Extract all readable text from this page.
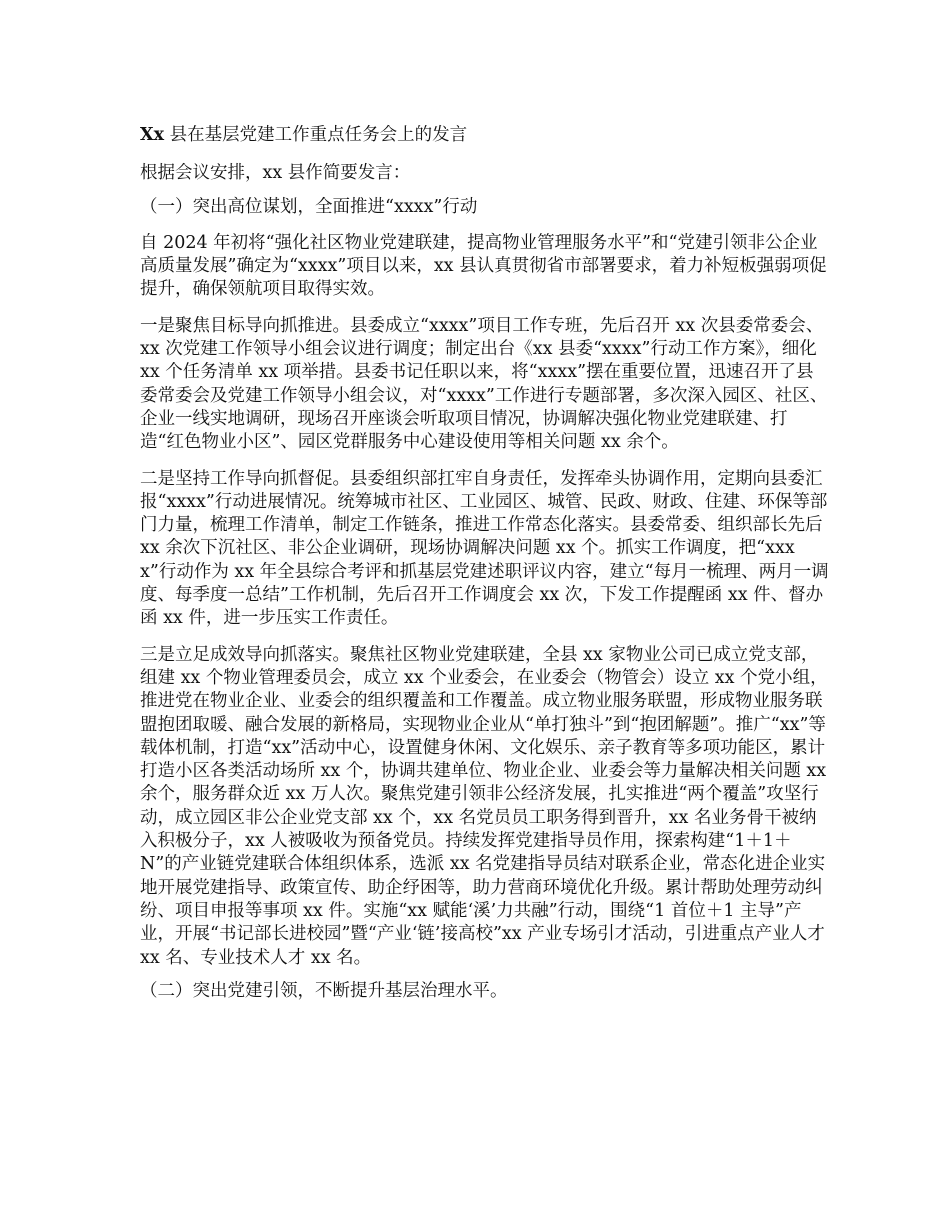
Xx 县在基层党建工作重点任务会上的发言

根据会议安排，xx 县作简要发言：

（一）突出高位谋划，全面推进“xxxx”行动

自 2024 年初将“强化社区物业党建联建，提高物业管理服务水平”和“党建引领非公企业高质量发展”确定为“xxxx”项目以来，xx 县认真贯彻省市部署要求，着力补短板强弱项促提升，确保领航项目取得实效。

一是聚焦目标导向抓推进。县委成立“xxxx”项目工作专班，先后召开 xx 次县委常委会、xx 次党建工作领导小组会议进行调度；制定出台《xx 县委“xxxx”行动工作方案》，细化 xx 个任务清单 xx 项举措。县委书记任职以来，将“xxxx”摆在重要位置，迅速召开了县委常委会及党建工作领导小组会议，对“xxxx”工作进行专题部署，多次深入园区、社区、企业一线实地调研，现场召开座谈会听取项目情况，协调解决强化物业党建联建、打造“红色物业小区”、园区党群服务中心建设使用等相关问题 xx 余个。

二是坚持工作导向抓督促。县委组织部扛牢自身责任，发挥牵头协调作用，定期向县委汇报“xxxx”行动进展情况。统筹城市社区、工业园区、城管、民政、财政、住建、环保等部门力量，梳理工作清单，制定工作链条，推进工作常态化落实。县委常委、组织部长先后 xx 余次下沉社区、非公企业调研，现场协调解决问题 xx 个。抓实工作调度，把“xxxx”行动作为 xx 年全县综合考评和抓基层党建述职评议内容，建立“每月一梳理、两月一调度、每季度一总结”工作机制，先后召开工作调度会 xx 次，下发工作提醒函 xx 件、督办函 xx 件，进一步压实工作责任。

三是立足成效导向抓落实。聚焦社区物业党建联建，全县 xx 家物业公司已成立党支部，组建 xx 个物业管理委员会，成立 xx 个业委会，在业委会（物管会）设立 xx 个党小组，推进党在物业企业、业委会的组织覆盖和工作覆盖。成立物业服务联盟，形成物业服务联盟抱团取暖、融合发展的新格局，实现物业企业从“单打独斗”到“抱团解题”。推广“xx”等载体机制，打造“xx”活动中心，设置健身休闲、文化娱乐、亲子教育等多项功能区，累计打造小区各类活动场所 xx 个，协调共建单位、物业企业、业委会等力量解决相关问题 xx 余个，服务群众近 xx 万人次。聚焦党建引领非公经济发展，扎实推进“两个覆盖”攻坚行动，成立园区非公企业党支部 xx 个，xx 名党员员工职务得到晋升，xx 名业务骨干被纳入积极分子，xx 人被吸收为预备党员。持续发挥党建指导员作用，探索构建“1＋1＋N”的产业链党建联合体组织体系，选派 xx 名党建指导员结对联系企业，常态化进企业实地开展党建指导、政策宣传、助企纾困等，助力营商环境优化升级。累计帮助处理劳动纠纷、项目申报等事项 xx 件。实施“xx 赋能‘溪’力共融”行动，围绕“1 首位＋1 主导”产业，开展“书记部长进校园”暨“产业‘链’接高校”xx 产业专场引才活动，引进重点产业人才 xx 名、专业技术人才 xx 名。

（二）突出党建引领，不断提升基层治理水平。
